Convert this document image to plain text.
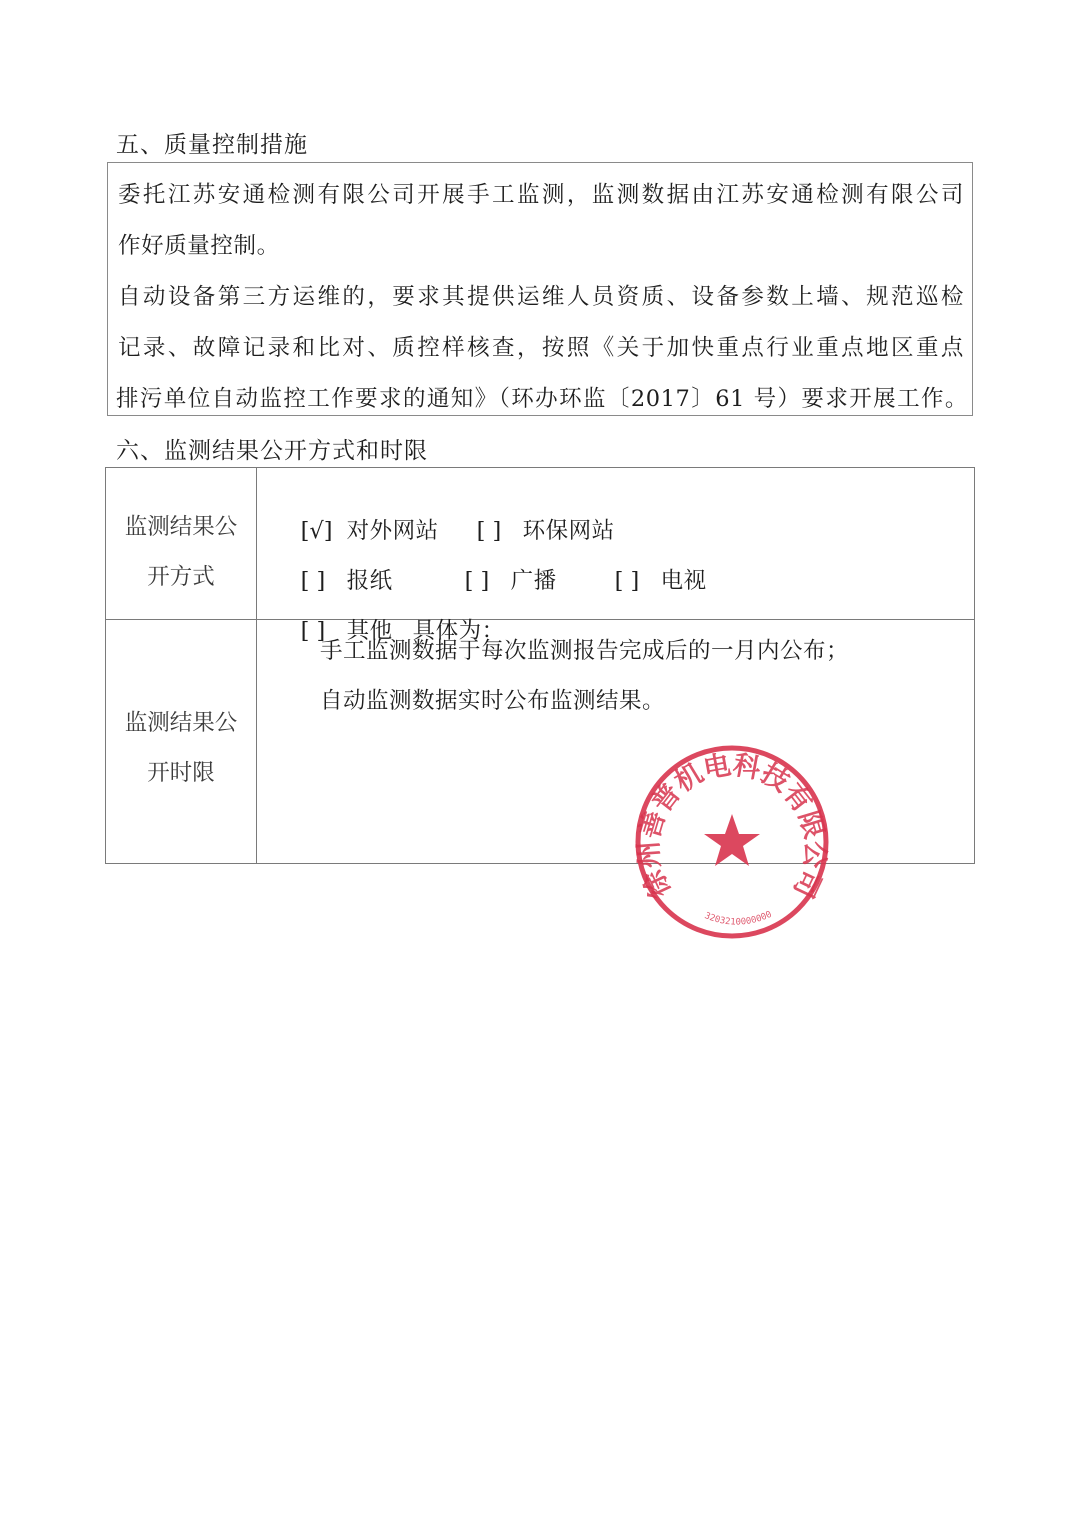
五、质量控制措施
委托江苏安通检测有限公司开展手工监测，监测数据由江苏安通检测有限公司
作好质量控制。
自动设备第三方运维的，要求其提供运维人员资质、设备参数上墙、规范巡检
记录、故障记录和比对、质控样核查，按照《关于加快重点行业重点地区重点
排污单位自动监控工作要求的通知》（环办环监〔2017〕61 号）要求开展工作。
六、监测结果公开方式和时限
监测结果公
开方式

[√] 对外网站 [ ] 环保网站

[ ] 报纸	[ ] 广播	[ ] 电视

[ ] 其他 具体为：

监测结果公
开时限
手工监测数据于每次监测报告完成后的一月内公布；
自动监测数据实时公布监测结果。
徐州善普机电科技有限公司
3203210000000
